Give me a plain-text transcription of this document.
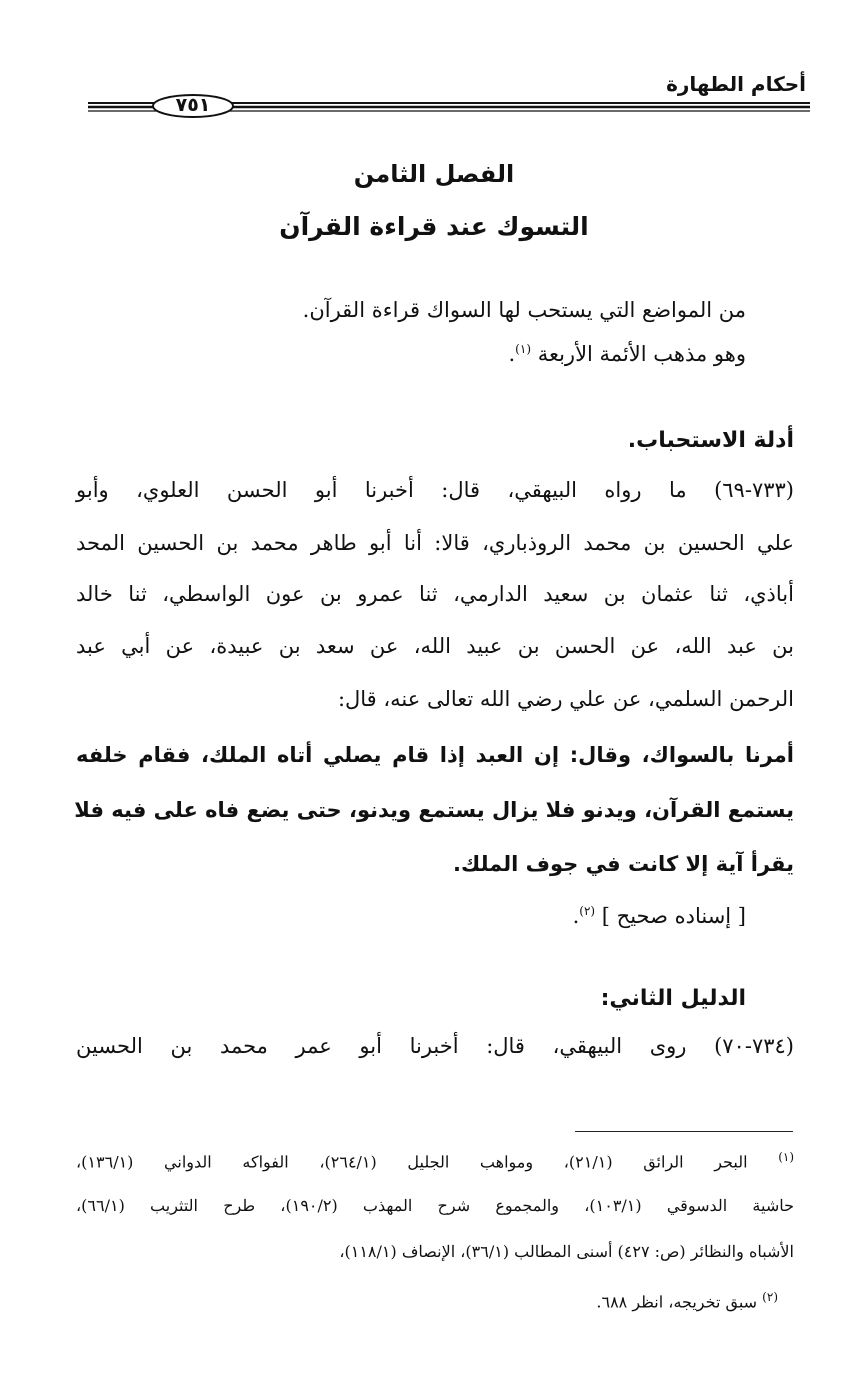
أحكام الطهارة
٧٥١
الفصل الثامن
التسوك عند قراءة القرآن
من المواضع التي يستحب لها السواك قراءة القرآن.
وهو مذهب الأئمة الأربعة $^{(١)}$.
أدلة الاستحباب.
(٧٣٣-٦٩) ما رواه البيهقي، قال: أخبرنا أبو الحسن العلوي، وأبو
علي الحسين بن محمد الروذباري، قالا: أنا أبو طاهر محمد بن الحسين المحد
أباذي، ثنا عثمان بن سعيد الدارمي، ثنا عمرو بن عون الواسطي، ثنا خالد
بن عبد الله، عن الحسن بن عبيد الله، عن سعد بن عبيدة، عن أبي عبد
الرحمن السلمي، عن علي رضي الله تعالى عنه، قال:
أمرنا بالسواك، وقال: إن العبد إذا قام يصلي أتاه الملك، فقام خلفه
يستمع القرآن، ويدنو فلا يزال يستمع ويدنو، حتى يضع فاه على فيه فلا
يقرأ آية إلا كانت في جوف الملك.
[ إسناده صحيح ] $^{(٢)}$.
الدليل الثاني:
(٧٣٤-٧٠) روى البيهقي، قال: أخبرنا أبو عمر محمد بن الحسين
$^{(١)}$ البحر الرائق (٢١/١)، ومواهب الجليل (٢٦٤/١)، الفواكه الدواني (١٣٦/١)،
حاشية الدسوقي (١٠٣/١)، والمجموع شرح المهذب (١٩٠/٢)، طرح التثريب (٦٦/١)،
الأشباه والنظائر (ص: ٤٢٧) أسنى المطالب (٣٦/١)، الإنصاف (١١٨/١)،
$^{(٢)}$ سبق تخريجه، انظر ٦٨٨.
